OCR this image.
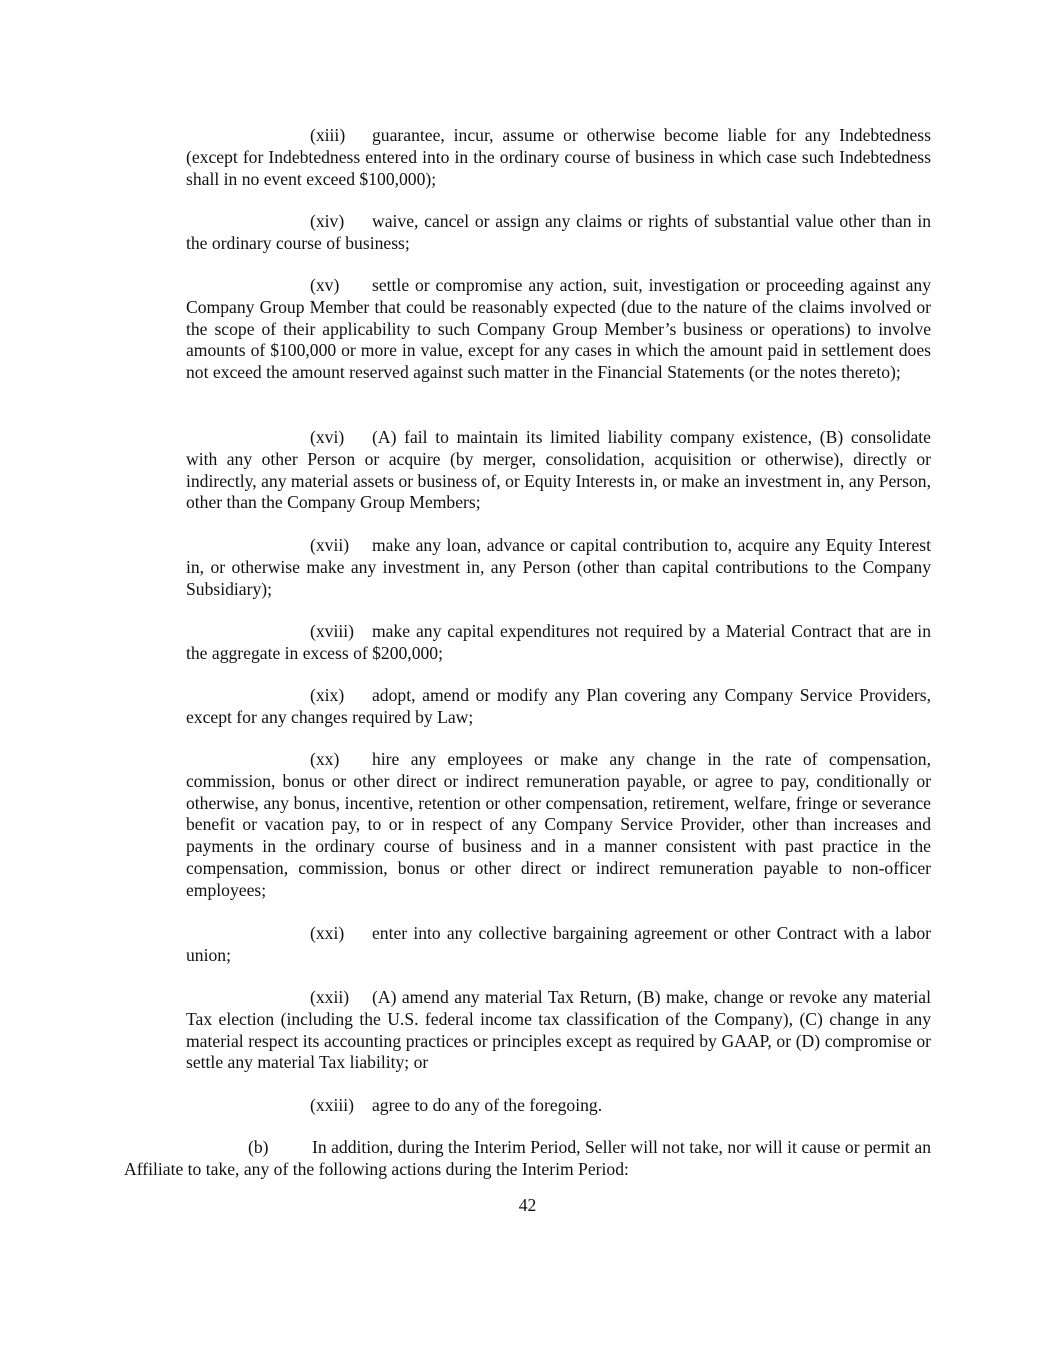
(xiii) guarantee, incur, assume or otherwise become liable for any Indebtedness (except for Indebtedness entered into in the ordinary course of business in which case such Indebtedness shall in no event exceed $100,000);

(xiv) waive, cancel or assign any claims or rights of substantial value other than in the ordinary course of business;

(xv) settle or compromise any action, suit, investigation or proceeding against any Company Group Member that could be reasonably expected (due to the nature of the claims involved or the scope of their applicability to such Company Group Member’s business or operations) to involve amounts of $100,000 or more in value, except for any cases in which the amount paid in settlement does not exceed the amount reserved against such matter in the Financial Statements (or the notes thereto);

(xvi) (A) fail to maintain its limited liability company existence, (B) consolidate with any other Person or acquire (by merger, consolidation, acquisition or otherwise), directly or indirectly, any material assets or business of, or Equity Interests in, or make an investment in, any Person, other than the Company Group Members;

(xvii) make any loan, advance or capital contribution to, acquire any Equity Interest in, or otherwise make any investment in, any Person (other than capital contributions to the Company Subsidiary);

(xviii) make any capital expenditures not required by a Material Contract that are in the aggregate in excess of $200,000;

(xix) adopt, amend or modify any Plan covering any Company Service Providers, except for any changes required by Law;

(xx) hire any employees or make any change in the rate of compensation, commission, bonus or other direct or indirect remuneration payable, or agree to pay, conditionally or otherwise, any bonus, incentive, retention or other compensation, retirement, welfare, fringe or severance benefit or vacation pay, to or in respect of any Company Service Provider, other than increases and payments in the ordinary course of business and in a manner consistent with past practice in the compensation, commission, bonus or other direct or indirect remuneration payable to non-officer employees;

(xxi) enter into any collective bargaining agreement or other Contract with a labor union;

(xxii) (A) amend any material Tax Return, (B) make, change or revoke any material Tax election (including the U.S. federal income tax classification of the Company), (C) change in any material respect its accounting practices or principles except as required by GAAP, or (D) compromise or settle any material Tax liability; or

(xxiii) agree to do any of the foregoing.

(b) In addition, during the Interim Period, Seller will not take, nor will it cause or permit an Affiliate to take, any of the following actions during the Interim Period:

42
